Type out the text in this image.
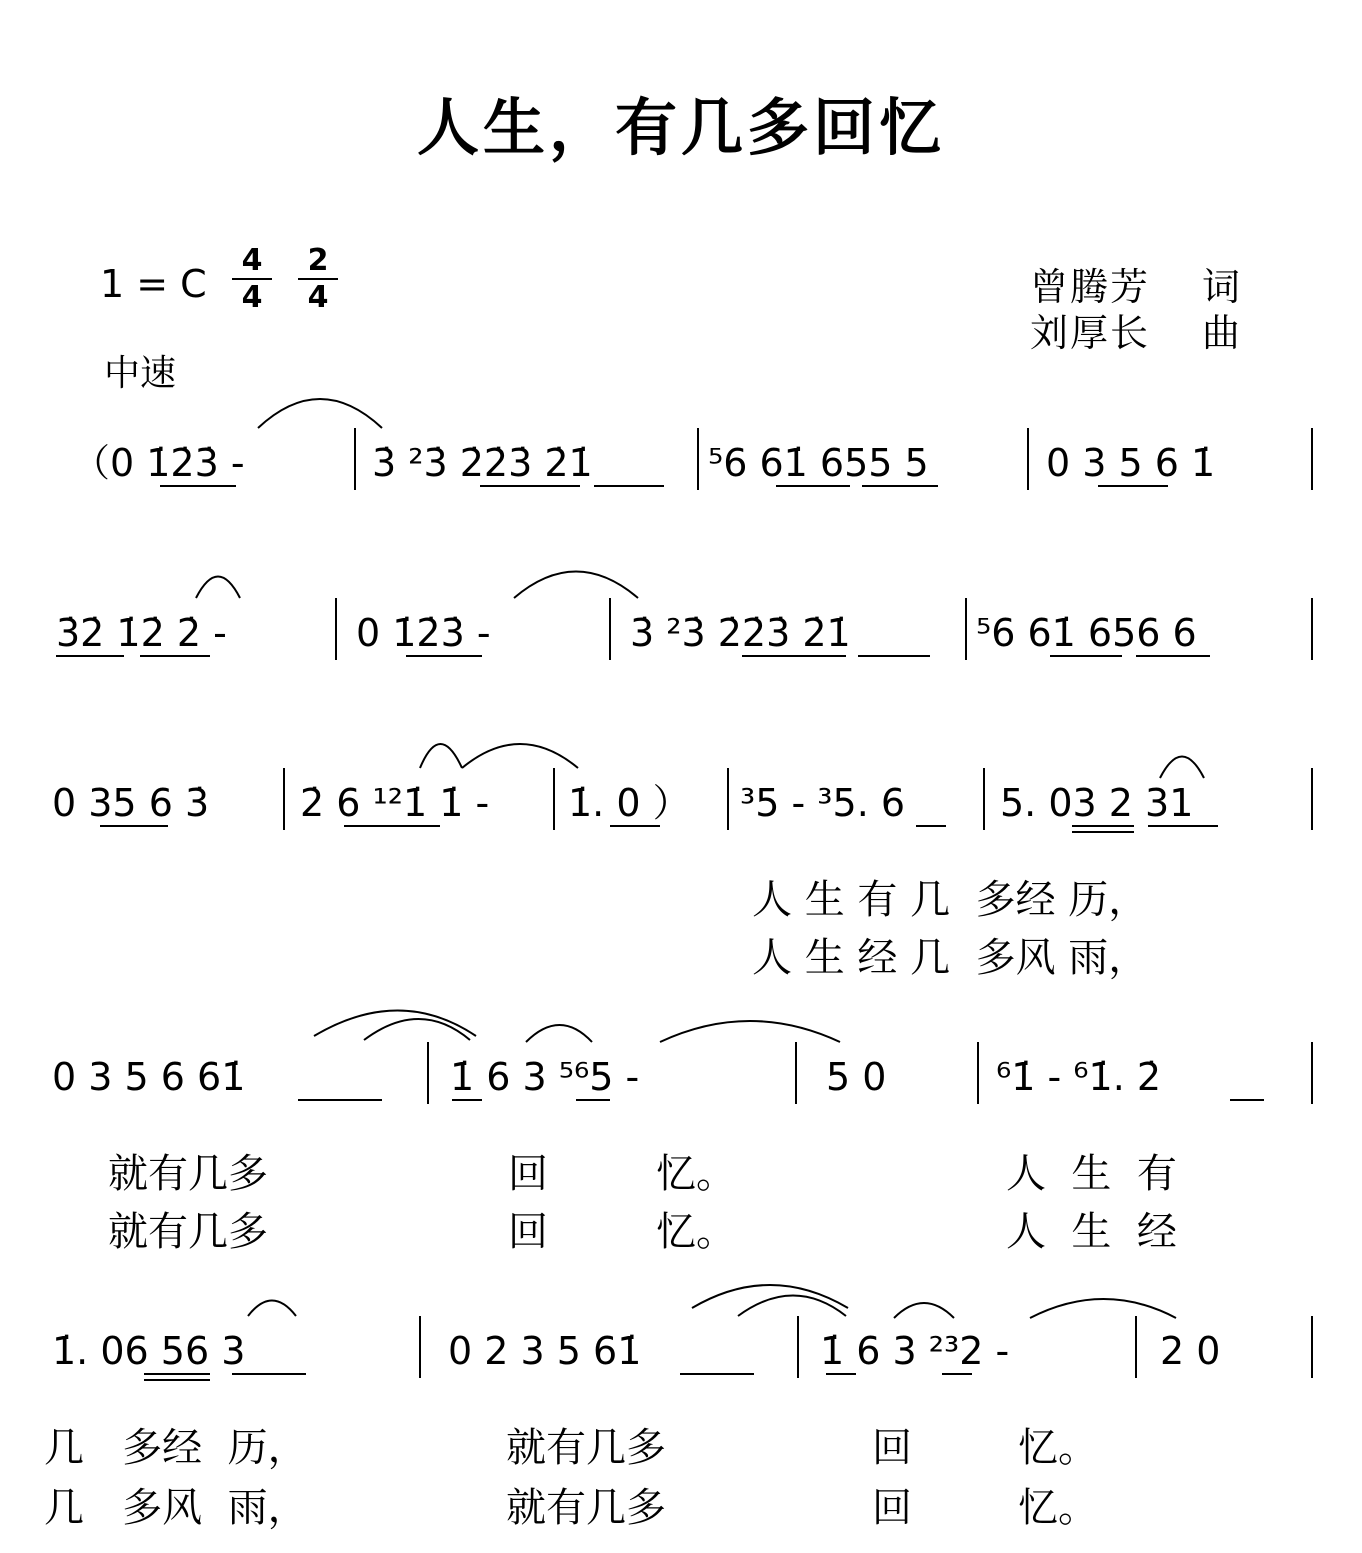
人生，有几多回忆
1 = C $\frac{4}{4} \frac{2}{4}$
中速
曾腾芳 词
刘厚长 曲
（0 1̇2̇3̇ -	3̇ ²3̇ 2̇2̇3̇ 2̇1̇	⁵6 61̇ 655 5	0 3 5 6 1̇
3̇2̇ 1̇2̇ 2̇ -	0 1̇2̇3̇ -	3̇ ²3̇ 2̇2̇3̇ 2̇1̇	⁵6 61̇ 656 6
0 35 6 3̇ 2̇ 6 ¹²1̇ 1̇ - 1̇. 0 ） ³5 - ³5. 6 5. 03 2 31
0 3 5 6 61̇	1̇ 6 3 ⁵⁶5 -	5 0	⁶1̇ - ⁶1̇. 2̇
1̇. 06 56 3	0 2 3 5 61̇	1̇ 6 3 ²³2 -	2 0
人 生 有 几  多经 历，
人 生 经 几  多风 雨，
就有几多	回	忆。	人  生  有
就有几多	回	忆。	人  生  经
几   多经  历，	就有几多	回	忆。
几   多风  雨，	就有几多	回	忆。
